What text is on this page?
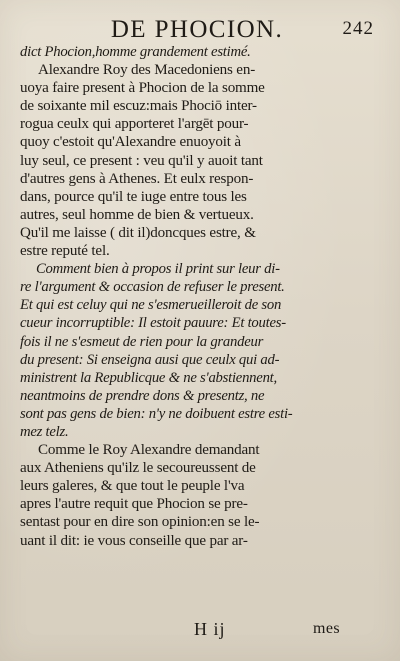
DE PHOCION.	242
dict Phocion,homme grandement estimé.
Alexandre Roy des Macedoniens en-
uoya faire present à Phocion de la somme
de soixante mil escuz:mais Phociō inter-
rogua ceulx qui apporteret l'argēt pour-
quoy c'estoit qu'Alexandre enuoyoit à
luy seul, ce present : veu qu'il y auoit tant
d'autres gens à Athenes. Et eulx respon-
dans, pource qu'il te iuge entre tous les
autres, seul homme de bien & vertueux.
Qu'il me laisse ( dit il)doncques estre, &
estre reputé tel.
Comment bien à propos il print sur leur di-
re l'argument & occasion de refuser le present.
Et qui est celuy qui ne s'esmerueilleroit de son
cueur incorruptible: Il estoit pauure: Et toutes-
fois il ne s'esmeut de rien pour la grandeur
du present: Si enseigna ausi que ceulx qui ad-
ministrent la Republicque & ne s'abstiennent,
neantmoins de prendre dons & presentz, ne
sont pas gens de bien: n'y ne doibuent estre esti-
mez telz.
Comme le Roy Alexandre demandant
aux Atheniens qu'ilz le secoureussent de
leurs galeres, & que tout le peuple l'va
apres l'autre requit que Phocion se pre-
sentast pour en dire son opinion:en se le-
uant il dit: ie vous conseille que par ar-
H ij	mes
